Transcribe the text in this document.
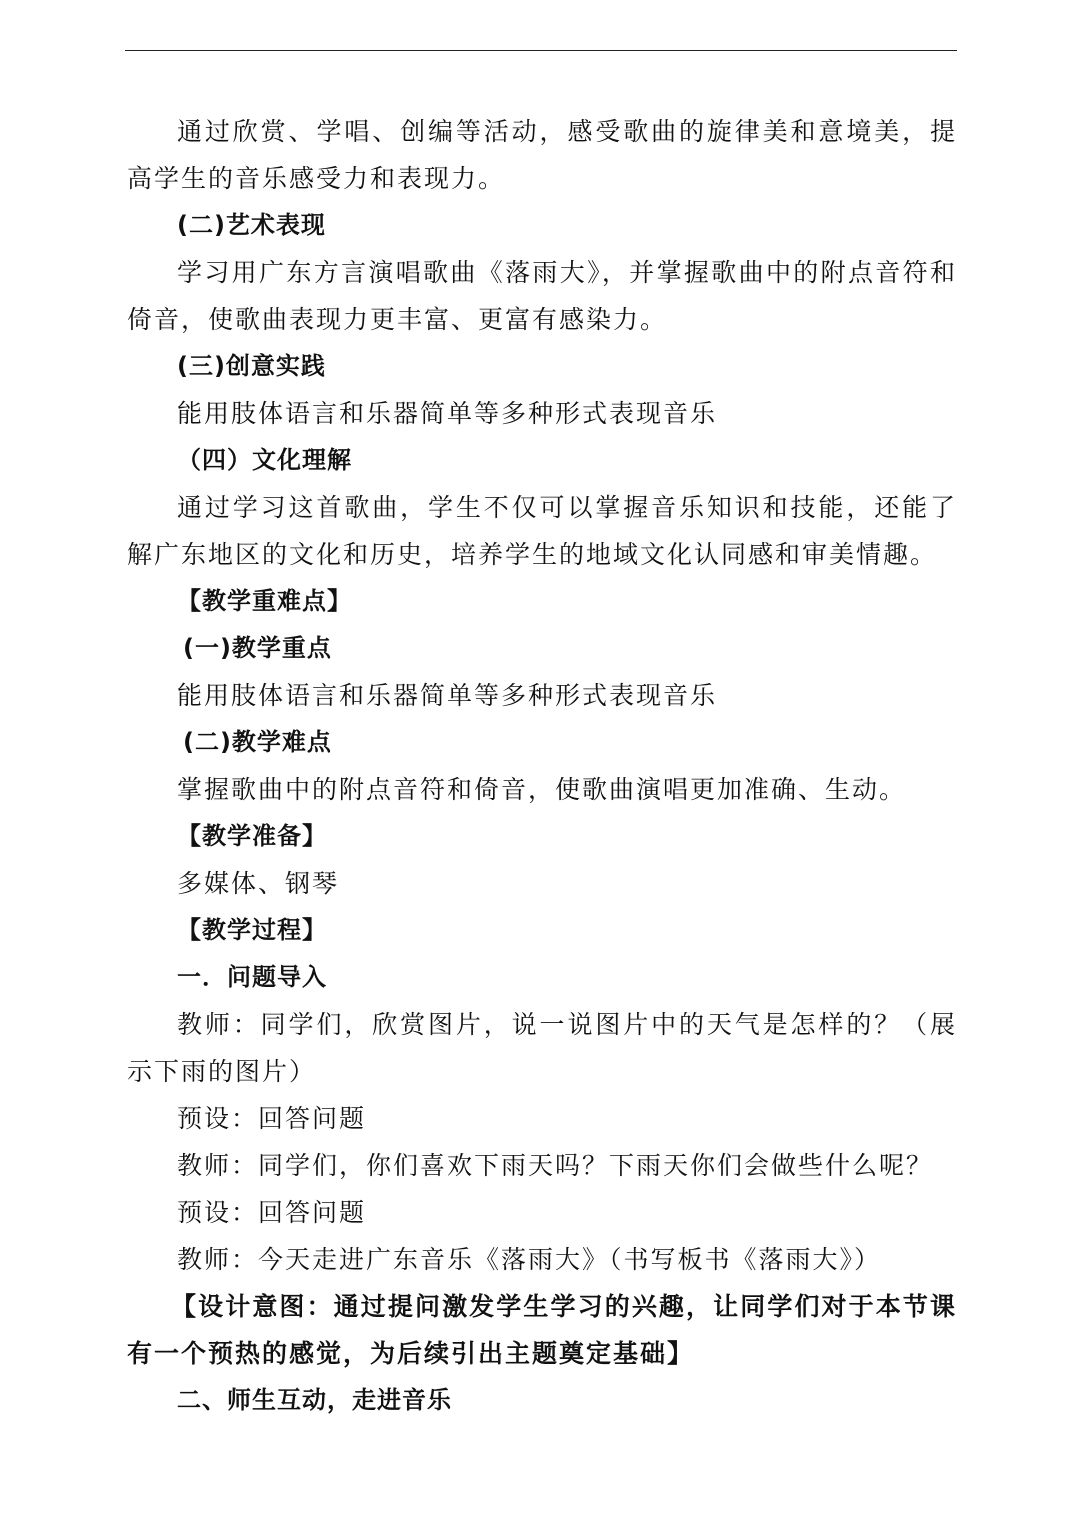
通过欣赏、学唱、创编等活动，感受歌曲的旋律美和意境美，提高学生的音乐感受力和表现力。

(二)艺术表现

学习用广东方言演唱歌曲《落雨大》，并掌握歌曲中的附点音符和倚音，使歌曲表现力更丰富、更富有感染力。

(三)创意实践

能用肢体语言和乐器简单等多种形式表现音乐

（四）文化理解

通过学习这首歌曲，学生不仅可以掌握音乐知识和技能，还能了解广东地区的文化和历史，培养学生的地域文化认同感和审美情趣。

【教学重难点】

(一)教学重点

能用肢体语言和乐器简单等多种形式表现音乐

(二)教学难点

掌握歌曲中的附点音符和倚音，使歌曲演唱更加准确、生动。

【教学准备】

多媒体、钢琴

【教学过程】

一．问题导入

教师：同学们，欣赏图片，说一说图片中的天气是怎样的？（展示下雨的图片）

预设：回答问题

教师：同学们，你们喜欢下雨天吗？下雨天你们会做些什么呢？

预设：回答问题

教师：今天走进广东音乐《落雨大》（书写板书《落雨大》）

【设计意图：通过提问激发学生学习的兴趣，让同学们对于本节课有一个预热的感觉，为后续引出主题奠定基础】

二、师生互动，走进音乐
